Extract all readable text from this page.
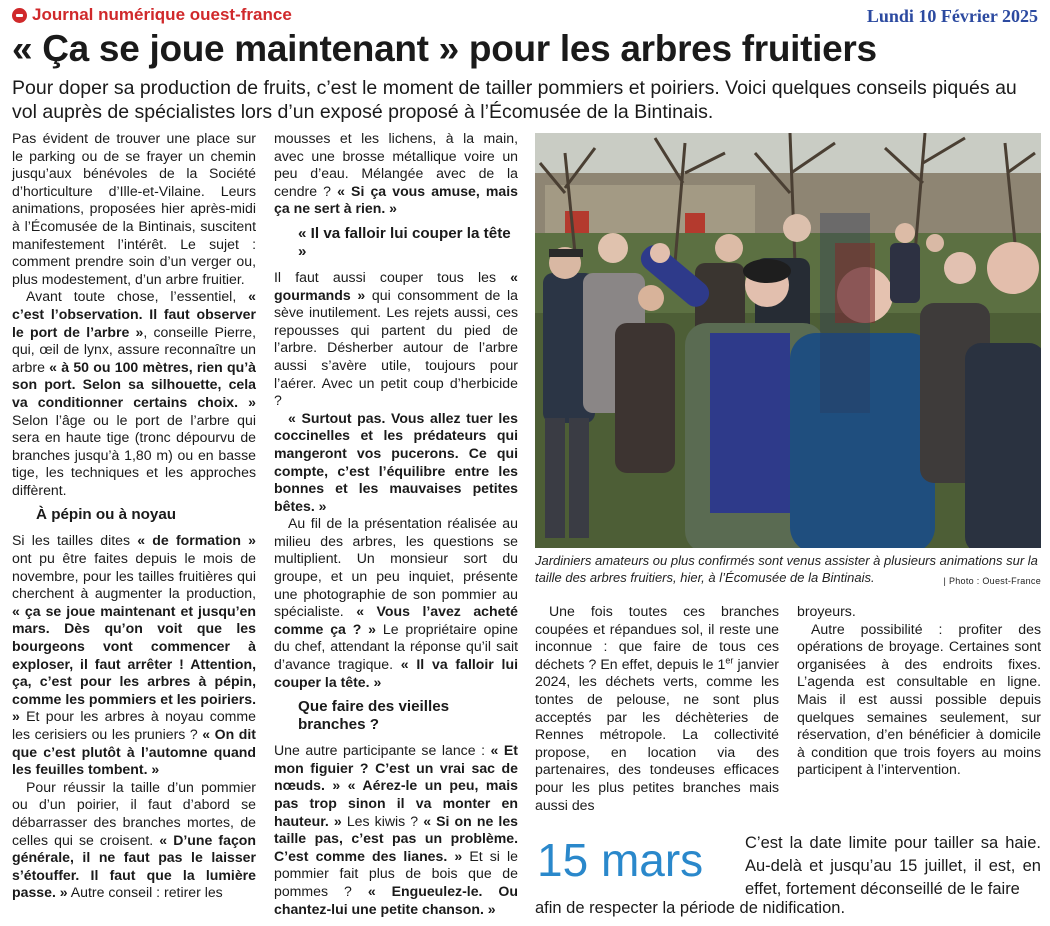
Journal numérique ouest-france	Lundi 10 Février 2025
« Ça se joue maintenant » pour les arbres fruitiers
Pour doper sa production de fruits, c’est le moment de tailler pommiers et poiriers. Voici quelques conseils piqués au vol auprès de spécialistes lors d’un exposé proposé à l’Écomusée de la Bintinais.

Pas évident de trouver une place sur le parking ou de se frayer un chemin jusqu’aux bénévoles de la Société d’horticulture d’Ille-et-Vilaine. Leurs animations, proposées hier après-midi à l’Écomusée de la Bintinais, suscitent manifestement l’intérêt. Le sujet : comment prendre soin d’un verger ou, plus modestement, d’un arbre fruitier.

Avant toute chose, l’essentiel, « c’est l’observation. Il faut observer le port de l’arbre », conseille Pierre, qui, œil de lynx, assure reconnaître un arbre « à 50 ou 100 mètres, rien qu’à son port. Selon sa silhouette, cela va conditionner certains choix. » Selon l’âge ou le port de l’arbre qui sera en haute tige (tronc dépourvu de branches jusqu’à 1,80 m) ou en basse tige, les techniques et les approches diffèrent.

À pépin ou à noyau

Si les tailles dites « de formation » ont pu être faites depuis le mois de novembre, pour les tailles fruitières qui cherchent à augmenter la production, « ça se joue maintenant et jusqu’en mars. Dès qu’on voit que les bourgeons vont commencer à exploser, il faut arrêter ! Attention, ça, c’est pour les arbres à pépin, comme les pommiers et les poiriers. » Et pour les arbres à noyau comme les cerisiers ou les pruniers ? « On dit que c’est plutôt à l’automne quand les feuilles tombent. »

Pour réussir la taille d’un pommier ou d’un poirier, il faut d’abord se débarrasser des branches mortes, de celles qui se croisent. « D’une façon générale, il ne faut pas le laisser s’étouffer. Il faut que la lumière passe. » Autre conseil : retirer les

mousses et les lichens, à la main, avec une brosse métallique voire un peu d’eau. Mélangée avec de la cendre ? « Si ça vous amuse, mais ça ne sert à rien. »

« Il va falloir lui couper la tête »

Il faut aussi couper tous les « gourmands » qui consomment de la sève inutilement. Les rejets aussi, ces repousses qui partent du pied de l’arbre. Désherber autour de l’arbre aussi s’avère utile, toujours pour l’aérer. Avec un petit coup d’herbicide ?

« Surtout pas. Vous allez tuer les coccinelles et les prédateurs qui mangeront vos pucerons. Ce qui compte, c’est l’équilibre entre les bonnes et les mauvaises petites bêtes. »

Au fil de la présentation réalisée au milieu des arbres, les questions se multiplient. Un monsieur sort du groupe, et un peu inquiet, présente une photographie de son pommier au spécialiste. « Vous l’avez acheté comme ça ? » Le propriétaire opine du chef, attendant la réponse qu’il sait d’avance tragique. « Il va falloir lui couper la tête. »

Que faire des vieilles branches ?

Une autre participante se lance : « Et mon figuier ? C’est un vrai sac de nœuds. » « Aérez-le un peu, mais pas trop sinon il va monter en hauteur. » Les kiwis ? « Si on ne les taille pas, c’est pas un problème. C’est comme des lianes. » Et si le pommier fait plus de bois que de pommes ? « Engueulez-le. Ou chantez-lui une petite chanson. »

Jardiniers amateurs ou plus confirmés sont venus assister à plusieurs animations sur la taille des arbres fruitiers, hier, à l’Écomusée de la Bintinais.	| Photo : Ouest-France

Une fois toutes ces branches coupées et répandues sol, il reste une inconnue : que faire de tous ces déchets ? En effet, depuis le 1er janvier 2024, les déchets verts, comme les tontes de pelouse, ne sont plus acceptés par les déchèteries de Rennes métropole. La collectivité propose, en location via des partenaires, des tondeuses efficaces pour les plus petites branches mais aussi des

broyeurs.

Autre possibilité : profiter des opérations de broyage. Certaines sont organisées à des endroits fixes. L’agenda est consultable en ligne. Mais il est aussi possible depuis quelques semaines seulement, sur réservation, d’en bénéficier à domicile à condition que trois foyers au moins participent à l’intervention.

15 mars	C’est la date limite pour tailler sa haie. Au-delà et jusqu’au 15 juillet, il est, en effet, fortement déconseillé de le faire
afin de respecter la période de nidification.
